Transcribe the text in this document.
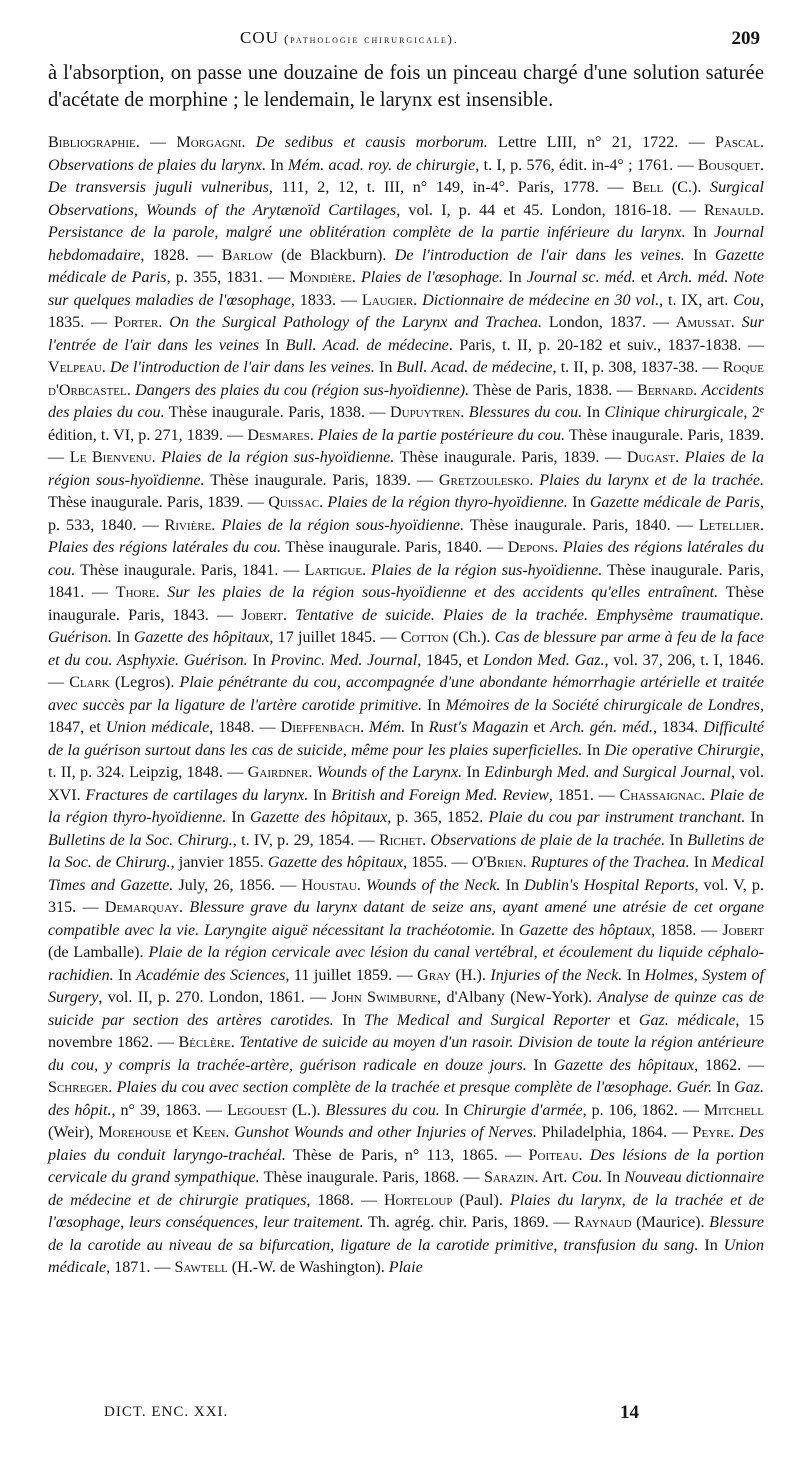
COU (pathologie chirurgicale).	209

à l'absorption, on passe une douzaine de fois un pinceau chargé d'une solution saturée d'acétate de morphine ; le lendemain, le larynx est insensible.

Bibliographie. — Morgagni. De sedibus et causis morborum. Lettre LIII, n° 21, 1722. — Pascal. Observations de plaies du larynx. In Mém. acad. roy. de chirurgie, t. I, p. 576, édit. in-4° ; 1761. — Bousquet. De transversis juguli vulneribus, 111, 2, 12, t. III, n° 149, in-4°. Paris, 1778. — Bell (C.). Surgical Observations, Wounds of the Arytænoïd Cartilages, vol. I, p. 44 et 45. London, 1816-18. — Renauld. Persistance de la parole, malgré une oblitération complète de la partie inférieure du larynx. In Journal hebdomadaire, 1828. — Barlow (de Blackburn). De l'introduction de l'air dans les veines. In Gazette médicale de Paris, p. 355, 1831. — Mondière. Plaies de l'œsophage. In Journal sc. méd. et Arch. méd. Note sur quelques maladies de l'œsophage, 1833. — Laugier. Dictionnaire de médecine en 30 vol., t. IX, art. Cou, 1835. — Porter. On the Surgical Pathology of the Larynx and Trachea. London, 1837. — Amussat. Sur l'entrée de l'air dans les veines In Bull. Acad. de médecine. Paris, t. II, p. 20-182 et suiv., 1837-1838. — Velpeau. De l'introduction de l'air dans les veines. In Bull. Acad. de médecine, t. II, p. 308, 1837-38. — Roque d'Orbcastel. Dangers des plaies du cou (région sus-hyoïdienne). Thèse de Paris, 1838. — Bernard. Accidents des plaies du cou. Thèse inaugurale. Paris, 1838. — Dupuytren. Blessures du cou. In Clinique chirurgicale, 2ᵉ édition, t. VI, p. 271, 1839. — Desmares. Plaies de la partie postérieure du cou. Thèse inaugurale. Paris, 1839. — Le Bienvenu. Plaies de la région sus-hyoïdienne. Thèse inaugurale. Paris, 1839. — Dugast. Plaies de la région sous-hyoïdienne. Thèse inaugurale. Paris, 1839. — Gretzoulesko. Plaies du larynx et de la trachée. Thèse inaugurale. Paris, 1839. — Quissac. Plaies de la région thyro-hyoïdienne. In Gazette médicale de Paris, p. 533, 1840. — Rivière. Plaies de la région sous-hyoïdienne. Thèse inaugurale. Paris, 1840. — Letellier. Plaies des régions latérales du cou. Thèse inaugurale. Paris, 1840. — Depons. Plaies des régions latérales du cou. Thèse inaugurale. Paris, 1841. — Lartigue. Plaies de la région sus-hyoïdienne. Thèse inaugurale. Paris, 1841. — Thore. Sur les plaies de la région sous-hyoïdienne et des accidents qu'elles entraînent. Thèse inaugurale. Paris, 1843. — Jobert. Tentative de suicide. Plaies de la trachée. Emphysème traumatique. Guérison. In Gazette des hôpitaux, 17 juillet 1845. — Cotton (Ch.). Cas de blessure par arme à feu de la face et du cou. Asphyxie. Guérison. In Provinc. Med. Journal, 1845, et London Med. Gaz., vol. 37, 206, t. I, 1846. — Clark (Legros). Plaie pénétrante du cou, accompagnée d'une abondante hémorrhagie artérielle et traitée avec succès par la ligature de l'artère carotide primitive. In Mémoires de la Société chirurgicale de Londres, 1847, et Union médicale, 1848. — Dieffenbach. Mém. In Rust's Magazin et Arch. gén. méd., 1834. Difficulté de la guérison surtout dans les cas de suicide, même pour les plaies superficielles. In Die operative Chirurgie, t. II, p. 324. Leipzig, 1848. — Gairdner. Wounds of the Larynx. In Edinburgh Med. and Surgical Journal, vol. XVI. Fractures de cartilages du larynx. In British and Foreign Med. Review, 1851. — Chassaignac. Plaie de la région thyro-hyoïdienne. In Gazette des hôpitaux, p. 365, 1852. Plaie du cou par instrument tranchant. In Bulletins de la Soc. Chirurg., t. IV, p. 29, 1854. — Richet. Observations de plaie de la trachée. In Bulletins de la Soc. de Chirurg., janvier 1855. Gazette des hôpitaux, 1855. — O'Brien. Ruptures of the Trachea. In Medical Times and Gazette. July, 26, 1856. — Houstau. Wounds of the Neck. In Dublin's Hospital Reports, vol. V, p. 315. — Demarquay. Blessure grave du larynx datant de seize ans, ayant amené une atrésie de cet organe compatible avec la vie. Laryngite aiguë nécessitant la trachéotomie. In Gazette des hôptaux, 1858. — Jobert (de Lamballe). Plaie de la région cervicale avec lésion du canal vertébral, et écoulement du liquide céphalo-rachidien. In Académie des Sciences, 11 juillet 1859. — Gray (H.). Injuries of the Neck. In Holmes, System of Surgery, vol. II, p. 270. London, 1861. — John Swimburne, d'Albany (New-York). Analyse de quinze cas de suicide par section des artères carotides. In The Medical and Surgical Reporter et Gaz. médicale, 15 novembre 1862. — Béclère. Tentative de suicide au moyen d'un rasoir. Division de toute la région antérieure du cou, y compris la trachée-artère, guérison radicale en douze jours. In Gazette des hôpitaux, 1862. — Schreger. Plaies du cou avec section complète de la trachée et presque complète de l'œsophage. Guér. In Gaz. des hôpit., n° 39, 1863. — Legouest (L.). Blessures du cou. In Chirurgie d'armée, p. 106, 1862. — Mitchell (Weir), Morehouse et Keen. Gunshot Wounds and other Injuries of Nerves. Philadelphia, 1864. — Peyre. Des plaies du conduit laryngo-trachéal. Thèse de Paris, n° 113, 1865. — Poiteau. Des lésions de la portion cervicale du grand sympathique. Thèse inaugurale. Paris, 1868. — Sarazin. Art. Cou. In Nouveau dictionnaire de médecine et de chirurgie pratiques, 1868. — Horteloup (Paul). Plaies du larynx, de la trachée et de l'œsophage, leurs conséquences, leur traitement. Th. agrég. chir. Paris, 1869. — Raynaud (Maurice). Blessure de la carotide au niveau de sa bifurcation, ligature de la carotide primitive, transfusion du sang. In Union médicale, 1871. — Sawtell (H.-W. de Washington). Plaie

DICT. ENC. XXI.	14
